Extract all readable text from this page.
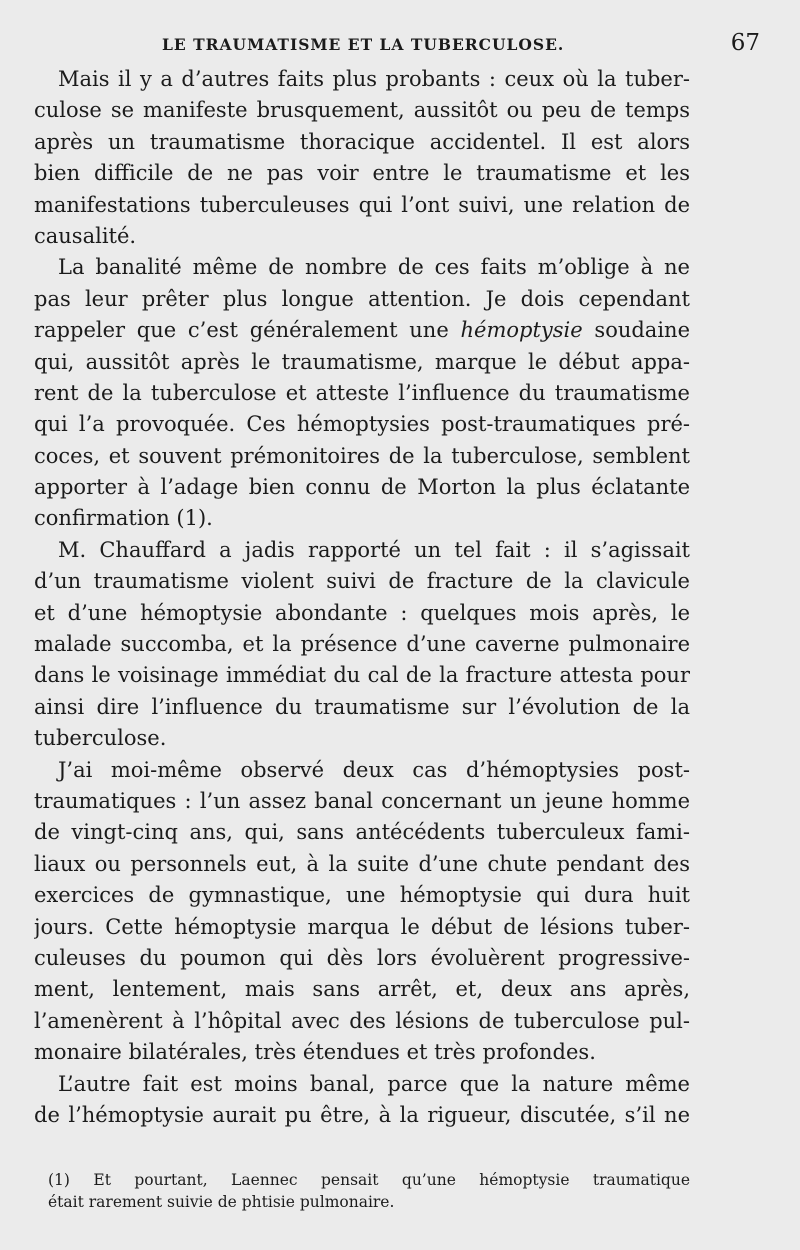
LE TRAUMATISME ET LA TUBERCULOSE.	67
Mais il y a d’autres faits plus probants : ceux où la tuber-
culose se manifeste brusquement, aussitôt ou peu de temps
après un traumatisme thoracique accidentel. Il est alors
bien difficile de ne pas voir entre le traumatisme et les
manifestations tuberculeuses qui l’ont suivi, une relation de
causalité.
La banalité même de nombre de ces faits m’oblige à ne
pas leur prêter plus longue attention. Je dois cependant
rappeler que c’est généralement une hémoptysie soudaine
qui, aussitôt après le traumatisme, marque le début appa-
rent de la tuberculose et atteste l’influence du traumatisme
qui l’a provoquée. Ces hémoptysies post-traumatiques pré-
coces, et souvent prémonitoires de la tuberculose, semblent
apporter à l’adage bien connu de Morton la plus éclatante
confirmation (1).
M. Chauffard a jadis rapporté un tel fait : il s’agissait
d’un traumatisme violent suivi de fracture de la clavicule
et d’une hémoptysie abondante : quelques mois après, le
malade succomba, et la présence d’une caverne pulmonaire
dans le voisinage immédiat du cal de la fracture attesta pour
ainsi dire l’influence du traumatisme sur l’évolution de la
tuberculose.
J’ai moi-même observé deux cas d’hémoptysies post-
traumatiques : l’un assez banal concernant un jeune homme
de vingt-cinq ans, qui, sans antécédents tuberculeux fami-
liaux ou personnels eut, à la suite d’une chute pendant des
exercices de gymnastique, une hémoptysie qui dura huit
jours. Cette hémoptysie marqua le début de lésions tuber-
culeuses du poumon qui dès lors évoluèrent progressive-
ment, lentement, mais sans arrêt, et, deux ans après,
l’amenèrent à l’hôpital avec des lésions de tuberculose pul-
monaire bilatérales, très étendues et très profondes.
L’autre fait est moins banal, parce que la nature même
de l’hémoptysie aurait pu être, à la rigueur, discutée, s’il ne
(1) Et pourtant, Laennec pensait qu’une hémoptysie traumatique
était rarement suivie de phtisie pulmonaire.
